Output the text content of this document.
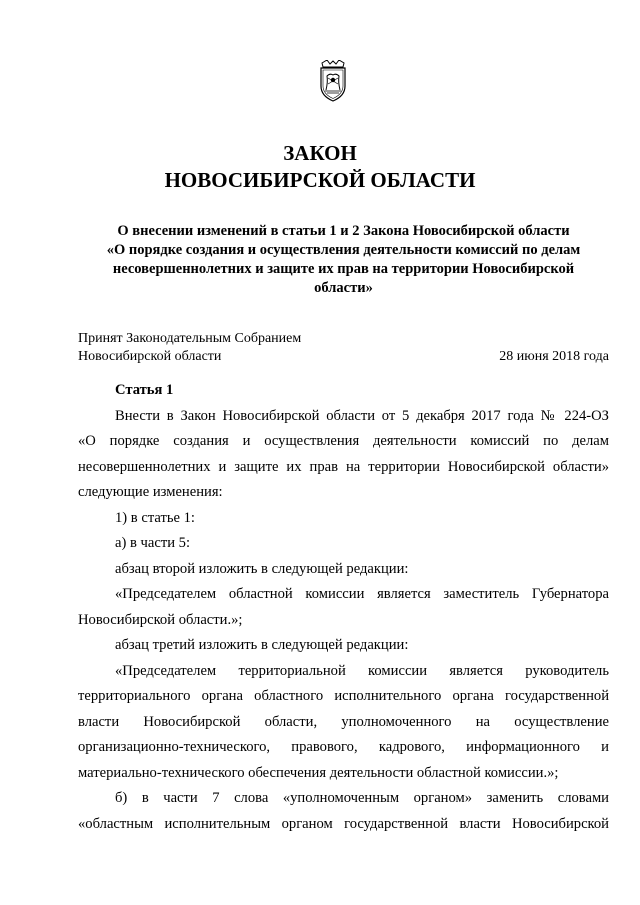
ЗАКОН
НОВОСИБИРСКОЙ ОБЛАСТИ
О внесении изменений в статьи 1 и 2 Закона Новосибирской области
«О порядке создания и осуществления деятельности комиссий по делам
несовершеннолетних и защите их прав на территории Новосибирской
области»
Принят Законодательным Собранием
Новосибирской области	28 июня 2018 года
Статья 1
Внести в Закон Новосибирской области от 5 декабря 2017 года № 224-ОЗ
«О порядке создания и осуществления деятельности комиссий по делам
несовершеннолетних и защите их прав на территории Новосибирской области»
следующие изменения:
1) в статье 1:
а) в части 5:
абзац второй изложить в следующей редакции:
«Председателем областной комиссии является заместитель Губернатора
Новосибирской области.»;
абзац третий изложить в следующей редакции:
«Председателем территориальной комиссии является руководитель
территориального органа областного исполнительного органа государственной
власти Новосибирской области, уполномоченного на осуществление
организационно-технического, правового, кадрового, информационного и
материально-технического обеспечения деятельности областной комиссии.»;
б) в части 7 слова «уполномоченным органом» заменить словами
«областным исполнительным органом государственной власти Новосибирской
